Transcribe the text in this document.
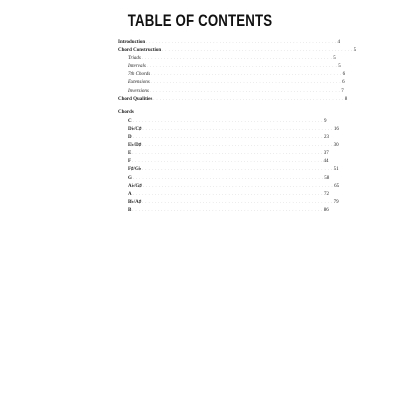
TABLE OF CONTENTS
Introduction . . . . . . . . . . . . . . . . . . . . . . . . . . . . . . . . . . . . . . . . . . . . . . . . . . . . . . . . . . . . 4
Chord Construction . . . . . . . . . . . . . . . . . . . . . . . . . . . . . . . . . . . . . . . . . . . . . . . . . . . . . . . . . . . . 5
Triads . . . . . . . . . . . . . . . . . . . . . . . . . . . . . . . . . . . . . . . . . . . . . . . . . . . . . . . . . . . . 5
Intervals . . . . . . . . . . . . . . . . . . . . . . . . . . . . . . . . . . . . . . . . . . . . . . . . . . . . . . . . . . . . 5
7th Chords . . . . . . . . . . . . . . . . . . . . . . . . . . . . . . . . . . . . . . . . . . . . . . . . . . . . . . . . . . . . 6
Extensions . . . . . . . . . . . . . . . . . . . . . . . . . . . . . . . . . . . . . . . . . . . . . . . . . . . . . . . . . . . . 6
Inversions . . . . . . . . . . . . . . . . . . . . . . . . . . . . . . . . . . . . . . . . . . . . . . . . . . . . . . . . . . . . 7
Chord Qualities . . . . . . . . . . . . . . . . . . . . . . . . . . . . . . . . . . . . . . . . . . . . . . . . . . . . . . . . . . . . 8
Chords
C . . . . . . . . . . . . . . . . . . . . . . . . . . . . . . . . . . . . . . . . . . . . . . . . . . . . . . . . . . . . 9
D♭/C♯ . . . . . . . . . . . . . . . . . . . . . . . . . . . . . . . . . . . . . . . . . . . . . . . . . . . . . . . . . . . . 16
D . . . . . . . . . . . . . . . . . . . . . . . . . . . . . . . . . . . . . . . . . . . . . . . . . . . . . . . . . . . . 23
E♭/D♯ . . . . . . . . . . . . . . . . . . . . . . . . . . . . . . . . . . . . . . . . . . . . . . . . . . . . . . . . . . . . 30
E . . . . . . . . . . . . . . . . . . . . . . . . . . . . . . . . . . . . . . . . . . . . . . . . . . . . . . . . . . . . 37
F . . . . . . . . . . . . . . . . . . . . . . . . . . . . . . . . . . . . . . . . . . . . . . . . . . . . . . . . . . . . 44
F♯/G♭ . . . . . . . . . . . . . . . . . . . . . . . . . . . . . . . . . . . . . . . . . . . . . . . . . . . . . . . . . . . . 51
G . . . . . . . . . . . . . . . . . . . . . . . . . . . . . . . . . . . . . . . . . . . . . . . . . . . . . . . . . . . . 58
A♭/G♯ . . . . . . . . . . . . . . . . . . . . . . . . . . . . . . . . . . . . . . . . . . . . . . . . . . . . . . . . . . . . 65
A . . . . . . . . . . . . . . . . . . . . . . . . . . . . . . . . . . . . . . . . . . . . . . . . . . . . . . . . . . . . 72
B♭/A♯ . . . . . . . . . . . . . . . . . . . . . . . . . . . . . . . . . . . . . . . . . . . . . . . . . . . . . . . . . . . . 79
B . . . . . . . . . . . . . . . . . . . . . . . . . . . . . . . . . . . . . . . . . . . . . . . . . . . . . . . . . . . . 86
